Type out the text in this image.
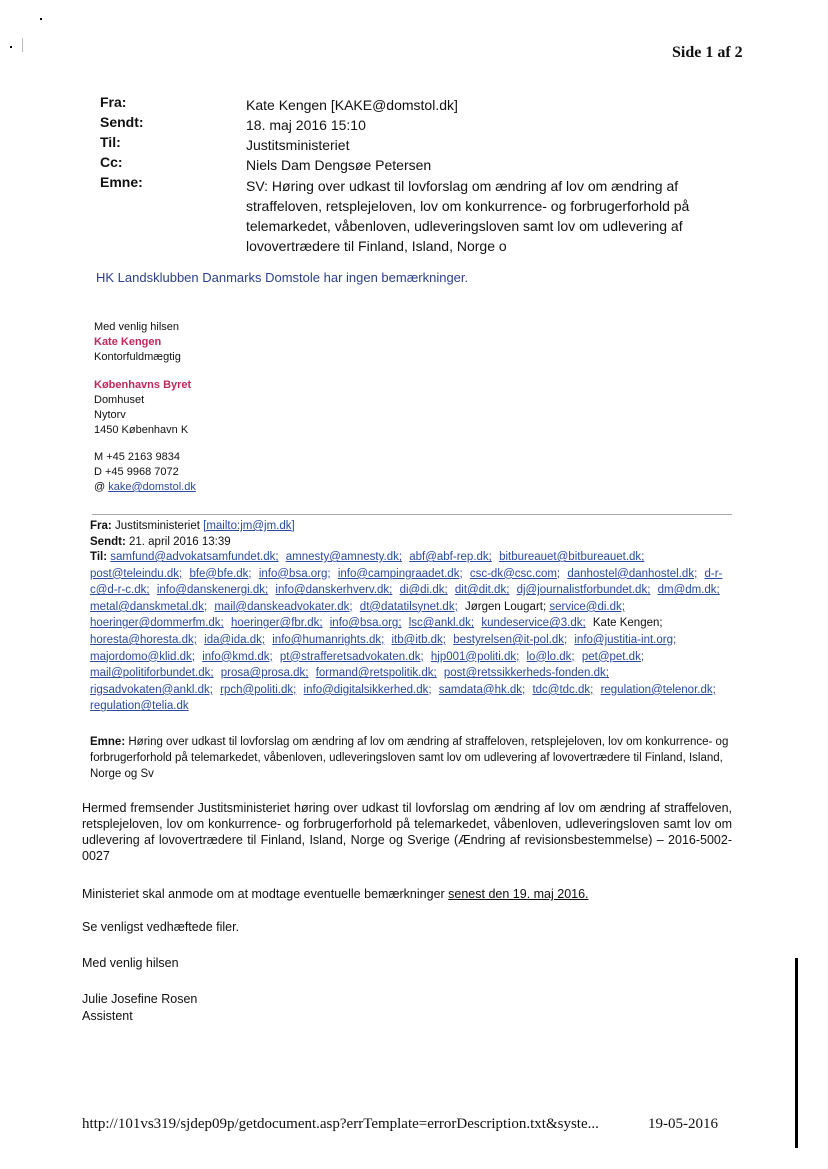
Side 1 af 2
Fra:	Kate Kengen [KAKE@domstol.dk]
Sendt:	18. maj 2016 15:10
Til:	Justitsministeriet
Cc:	Niels Dam Dengsøe Petersen
Emne:	SV: Høring over udkast til lovforslag om ændring af lov om ændring af straffeloven, retsplejeloven, lov om konkurrence- og forbrugerforhold på telemarkedet, våbenloven, udleveringsloven samt lov om udlevering af lovovertrædere til Finland, Island, Norge o
HK Landsklubben Danmarks Domstole har ingen bemærkninger.
Med venlig hilsen
Kate Kengen
Kontorfuldmægtig
Københavns Byret
Domhuset
Nytorv
1450 København K
M +45 2163 9834
D +45 9968 7072
@ kake@domstol.dk
Fra: Justitsministeriet [mailto:jm@jm.dk]
Sendt: 21. april 2016 13:39
Til: samfund@advokatsamfundet.dk; amnesty@amnesty.dk; abf@abf-rep.dk; bitbureauet@bitbureauet.dk; post@teleindu.dk; bfe@bfe.dk; info@bsa.org; info@campingraadet.dk; csc-dk@csc.com; danhostel@danhostel.dk; d-r-c@d-r-c.dk; info@danskenergi.dk; info@danskerhverv.dk; di@di.dk; dit@dit.dk; dj@journalistforbundet.dk; dm@dm.dk; metal@danskmetal.dk; mail@danskeadvokater.dk; dt@datatilsynet.dk; Jørgen Lougart; service@di.dk; hoeringer@dommerfm.dk; hoeringer@fbr.dk; info@bsa.org; lsc@ankl.dk; kundeservice@3.dk; Kate Kengen; horesta@horesta.dk; ida@ida.dk; info@humanrights.dk; itb@itb.dk; bestyrelsen@it-pol.dk; info@justitia-int.org; majordomo@klid.dk; info@kmd.dk; pt@strafferetsadvokaten.dk; hjp001@politi.dk; lo@lo.dk; pet@pet.dk; mail@politiforbundet.dk; prosa@prosa.dk; formand@retspolitik.dk; post@retssikkerheds-fonden.dk; rigsadvokaten@ankl.dk; rpch@politi.dk; info@digitalsikkerhed.dk; samdata@hk.dk; tdc@tdc.dk; regulation@telenor.dk; regulation@telia.dk
Emne: Høring over udkast til lovforslag om ændring af lov om ændring af straffeloven, retsplejeloven, lov om konkurrence- og forbrugerforhold på telemarkedet, våbenloven, udleveringsloven samt lov om udlevering af lovovertrædere til Finland, Island, Norge og Sv
Hermed fremsender Justitsministeriet høring over udkast til lovforslag om ændring af lov om ændring af straffeloven, retsplejeloven, lov om konkurrence- og forbrugerforhold på telemarkedet, våbenloven, udleveringsloven samt lov om udlevering af lovovertrædere til Finland, Island, Norge og Sverige (Ændring af revisionsbestemmelse) – 2016-5002-0027
Ministeriet skal anmode om at modtage eventuelle bemærkninger senest den 19. maj 2016.
Se venligst vedhæftede filer.
Med venlig hilsen
Julie Josefine Rosen
Assistent
http://101vs319/sjdep09p/getdocument.asp?errTemplate=errorDescription.txt&syste...	19-05-2016
